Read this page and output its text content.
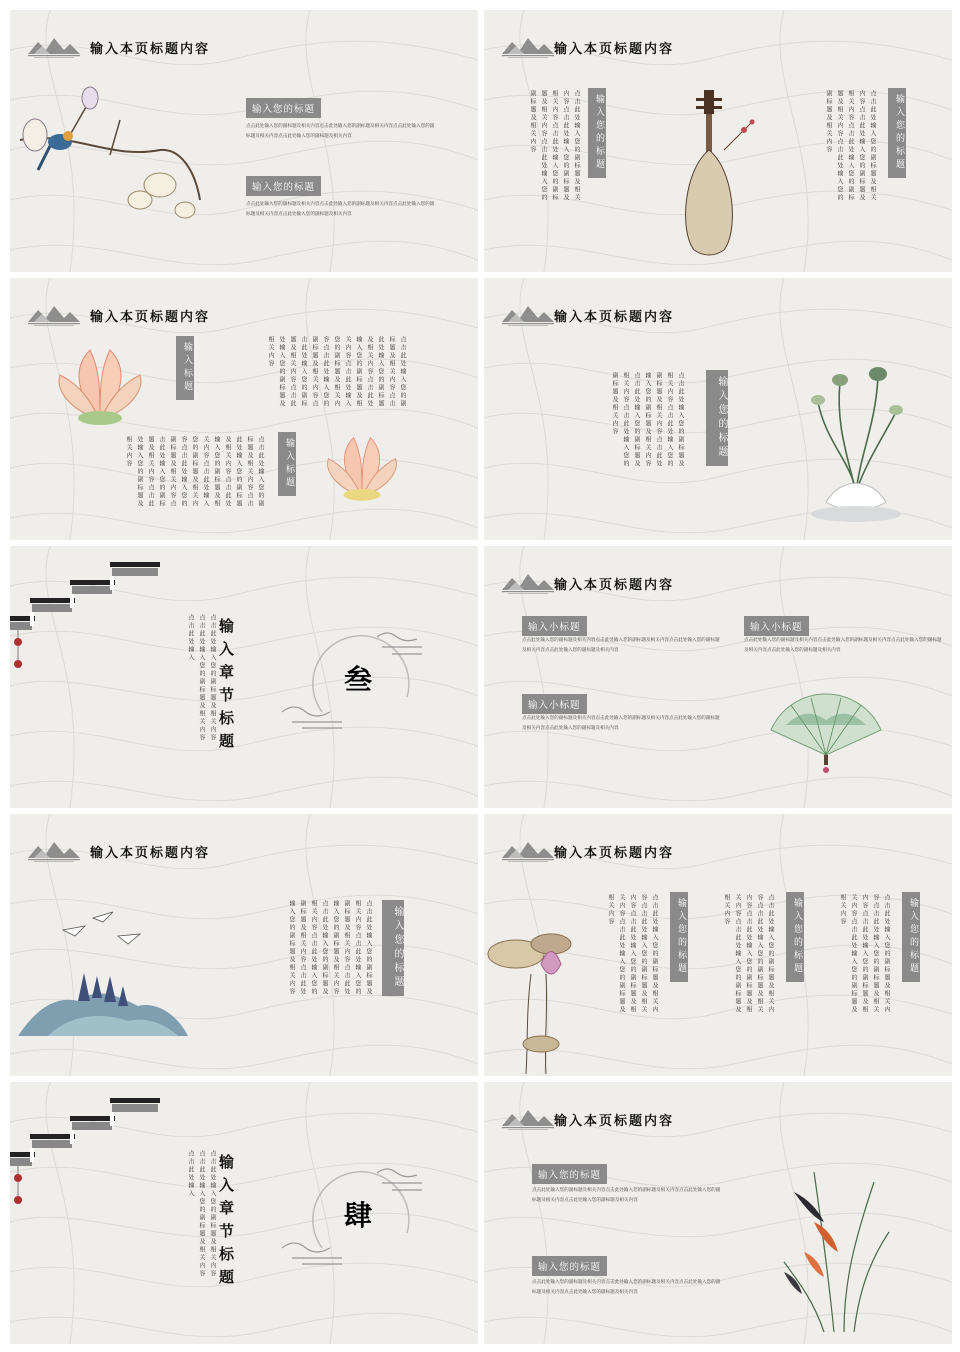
输入本页标题内容
输入您的标题
点击此处输入您的副标题及相关内容点击此处输入您的副标题及相关内容点击此处输入您的副标题及相关内容点击此处输入您的副标题及相关内容
输入您的标题
点击此处输入您的副标题及相关内容点击此处输入您的副标题及相关内容点击此处输入您的副标题及相关内容点击此处输入您的副标题及相关内容
输入本页标题内容
点击此处输入您的副标题及相关内容点击此处输入您的副标题及相关内容点击此处输入您的副标题及相关内容点击此处输入您的副标题及相关内容	输入您的标题	点击此处输入您的副标题及相关内容点击此处输入您的副标题及相关内容点击此处输入您的副标题及相关内容点击此处输入您的副标题及相关内容	输入您的标题
输入本页标题内容
输入标题	点击此处输入您的副标题及相关内容点击此处输入您的副标题及相关内容点击此处输入您的副标题及相关内容点击此处输入您的副标题及相关内容点击此处输入您的副标题及相关内容点击此处输入您的副标题及相关内容点击此处输入您的副标题及相关内容
点击此处输入您的副标题及相关内容点击此处输入您的副标题及相关内容点击此处输入您的副标题及相关内容点击此处输入您的副标题及相关内容点击此处输入您的副标题及相关内容点击此处输入您的副标题及相关内容点击此处输入您的副标题及相关内容	输入标题
输入本页标题内容
点击此处输入您的副标题及相关内容点击此处输入您的副标题及相关内容点击此处输入您的副标题及相关内容点击此处输入您的副标题及相关内容点击此处输入您的副标题及相关内容	输入您的标题
点击此处输入您的副标题及相关内容点击此处输入您的副标题及相关内容点击此处输入	输入章节标题	叁
输入本页标题内容
输入小标题
点击此处输入您的副标题及相关内容点击此处输入您的副标题及相关内容点击此处输入您的副标题及相关内容点击此处输入您的副标题及相关内容
输入小标题
点击此处输入您的副标题及相关内容点击此处输入您的副标题及相关内容点击此处输入您的副标题及相关内容点击此处输入您的副标题及相关内容
输入小标题
点击此处输入您的副标题及相关内容点击此处输入您的副标题及相关内容点击此处输入您的副标题及相关内容点击此处输入您的副标题及相关内容
输入本页标题内容
点击此处输入您的副标题及相关内容点击此处输入您的副标题及相关内容点击此处输入您的副标题及相关内容点击此处输入您的副标题及相关内容点击此处输入您的副标题及相关内容点击此处输入您的副标题及相关内容	输入您的标题
输入本页标题内容
点击此处输入您的副标题及相关内容点击此处输入您的副标题及相关内容点击此处输入您的副标题及相关内容点击此处输入您的副标题及相关内容	输入您的标题	点击此处输入您的副标题及相关内容点击此处输入您的副标题及相关内容点击此处输入您的副标题及相关内容点击此处输入您的副标题及相关内容	输入您的标题	点击此处输入您的副标题及相关内容点击此处输入您的副标题及相关内容点击此处输入您的副标题及相关内容点击此处输入您的副标题及相关内容	输入您的标题
点击此处输入您的副标题及相关内容点击此处输入您的副标题及相关内容点击此处输入	输入章节标题	肆
输入本页标题内容
输入您的标题
点击此处输入您的副标题及相关内容点击此处输入您的副标题及相关内容点击此处输入您的副标题及相关内容点击此处输入您的副标题及相关内容
输入您的标题
点击此处输入您的副标题及相关内容点击此处输入您的副标题及相关内容点击此处输入您的副标题及相关内容点击此处输入您的副标题及相关内容
